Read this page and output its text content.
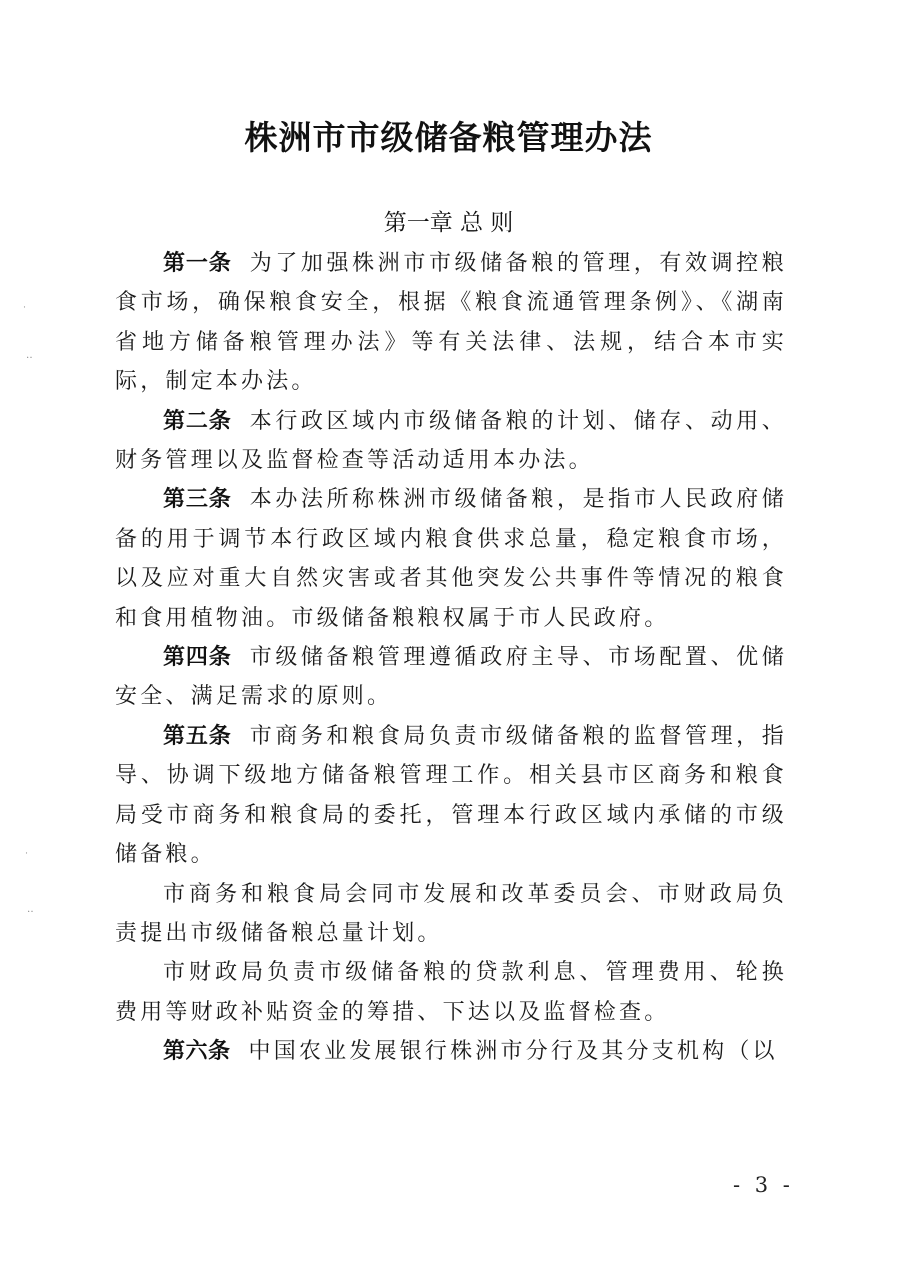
株洲市市级储备粮管理办法
第一章 总 则

第一条 为了加强株洲市市级储备粮的管理，有效调控粮食市场，确保粮食安全，根据《粮食流通管理条例》、《湖南省地方储备粮管理办法》等有关法律、法规，结合本市实际，制定本办法。

第二条 本行政区域内市级储备粮的计划、储存、动用、财务管理以及监督检查等活动适用本办法。

第三条 本办法所称株洲市级储备粮，是指市人民政府储备的用于调节本行政区域内粮食供求总量，稳定粮食市场，以及应对重大自然灾害或者其他突发公共事件等情况的粮食和食用植物油。市级储备粮粮权属于市人民政府。

第四条 市级储备粮管理遵循政府主导、市场配置、优储安全、满足需求的原则。

第五条 市商务和粮食局负责市级储备粮的监督管理，指导、协调下级地方储备粮管理工作。相关县市区商务和粮食局受市商务和粮食局的委托，管理本行政区域内承储的市级储备粮。

市商务和粮食局会同市发展和改革委员会、市财政局负责提出市级储备粮总量计划。

市财政局负责市级储备粮的贷款利息、管理费用、轮换费用等财政补贴资金的筹措、下达以及监督检查。

第六条 中国农业发展银行株洲市分行及其分支机构（以

- 3 -
˙
‥
˙
‥
